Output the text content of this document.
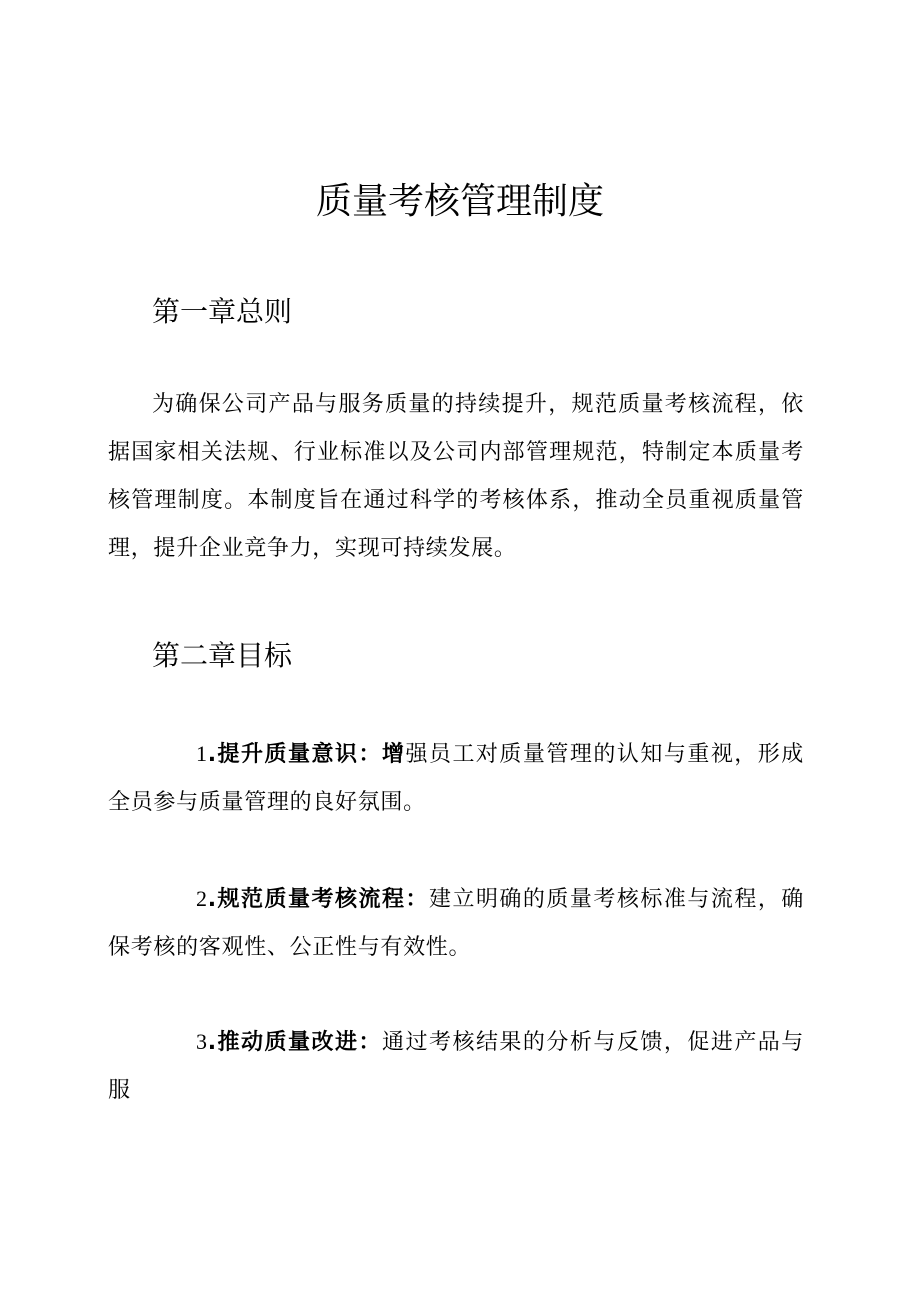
质量考核管理制度
第一章总则

为确保公司产品与服务质量的持续提升，规范质量考核流程，依据国家相关法规、行业标准以及公司内部管理规范，特制定本质量考核管理制度。本制度旨在通过科学的考核体系，推动全员重视质量管理，提升企业竞争力，实现可持续发展。

第二章目标

1.提升质量意识：增强员工对质量管理的认知与重视，形成全员参与质量管理的良好氛围。

2.规范质量考核流程：建立明确的质量考核标准与流程，确保考核的客观性、公正性与有效性。

3.推动质量改进：通过考核结果的分析与反馈，促进产品与服
